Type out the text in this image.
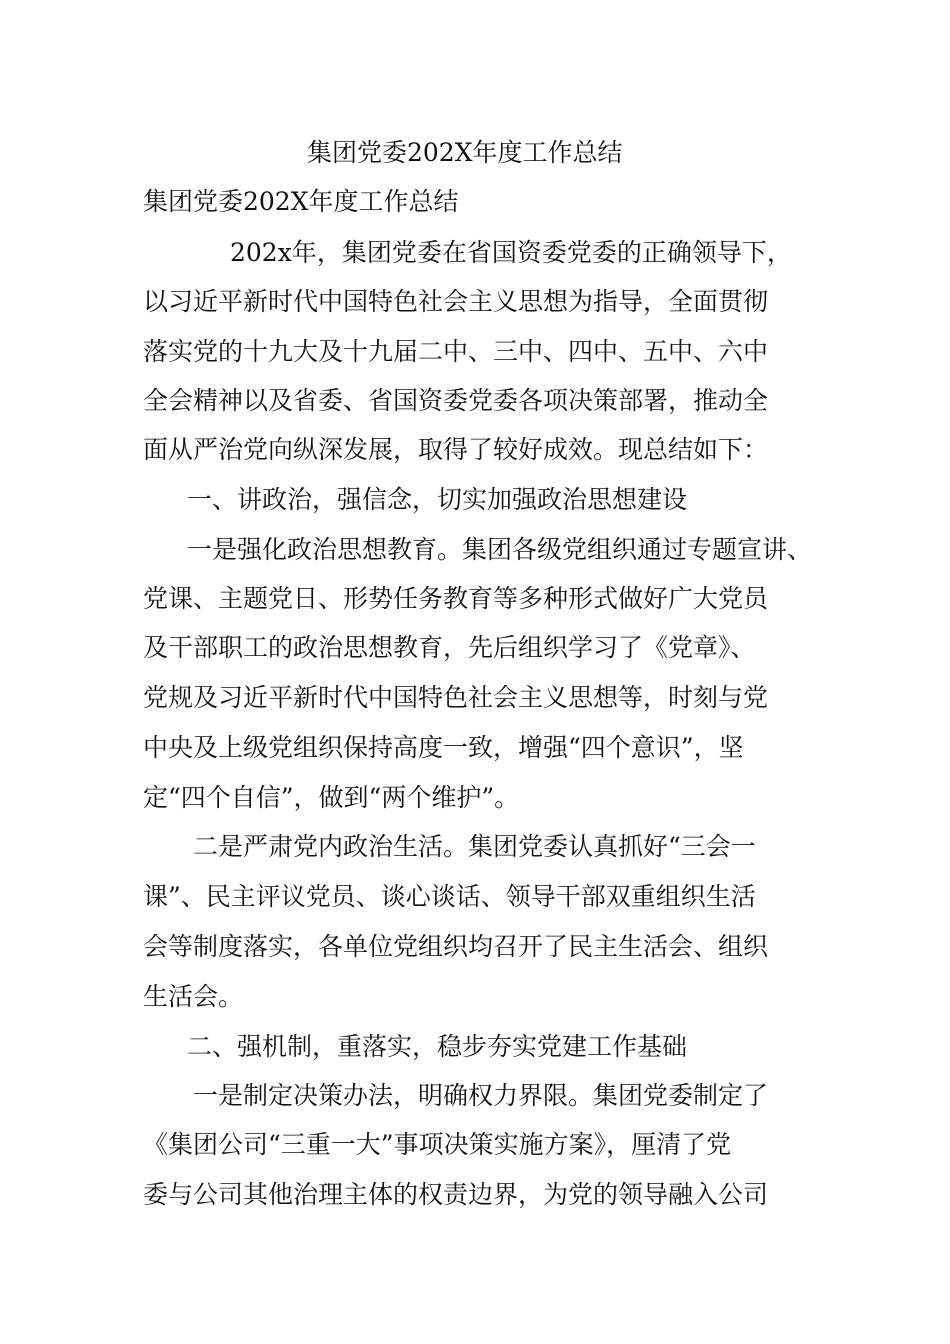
集团党委202X年度工作总结
集团党委202X年度工作总结
202x年，集团党委在省国资委党委的正确领导下，
以习近平新时代中国特色社会主义思想为指导，全面贯彻
落实党的十九大及十九届二中、三中、四中、五中、六中
全会精神以及省委、省国资委党委各项决策部署，推动全
面从严治党向纵深发展，取得了较好成效。现总结如下：
一、讲政治，强信念，切实加强政治思想建设
一是强化政治思想教育。集团各级党组织通过专题宣讲、
党课、主题党日、形势任务教育等多种形式做好广大党员
及干部职工的政治思想教育，先后组织学习了《党章》、
党规及习近平新时代中国特色社会主义思想等，时刻与党
中央及上级党组织保持高度一致，增强“四个意识”，坚
定“四个自信”，做到“两个维护”。
二是严肃党内政治生活。集团党委认真抓好“三会一
课”、民主评议党员、谈心谈话、领导干部双重组织生活
会等制度落实，各单位党组织均召开了民主生活会、组织
生活会。
二、强机制，重落实，稳步夯实党建工作基础
一是制定决策办法，明确权力界限。集团党委制定了
《集团公司“三重一大”事项决策实施方案》，厘清了党
委与公司其他治理主体的权责边界，为党的领导融入公司
